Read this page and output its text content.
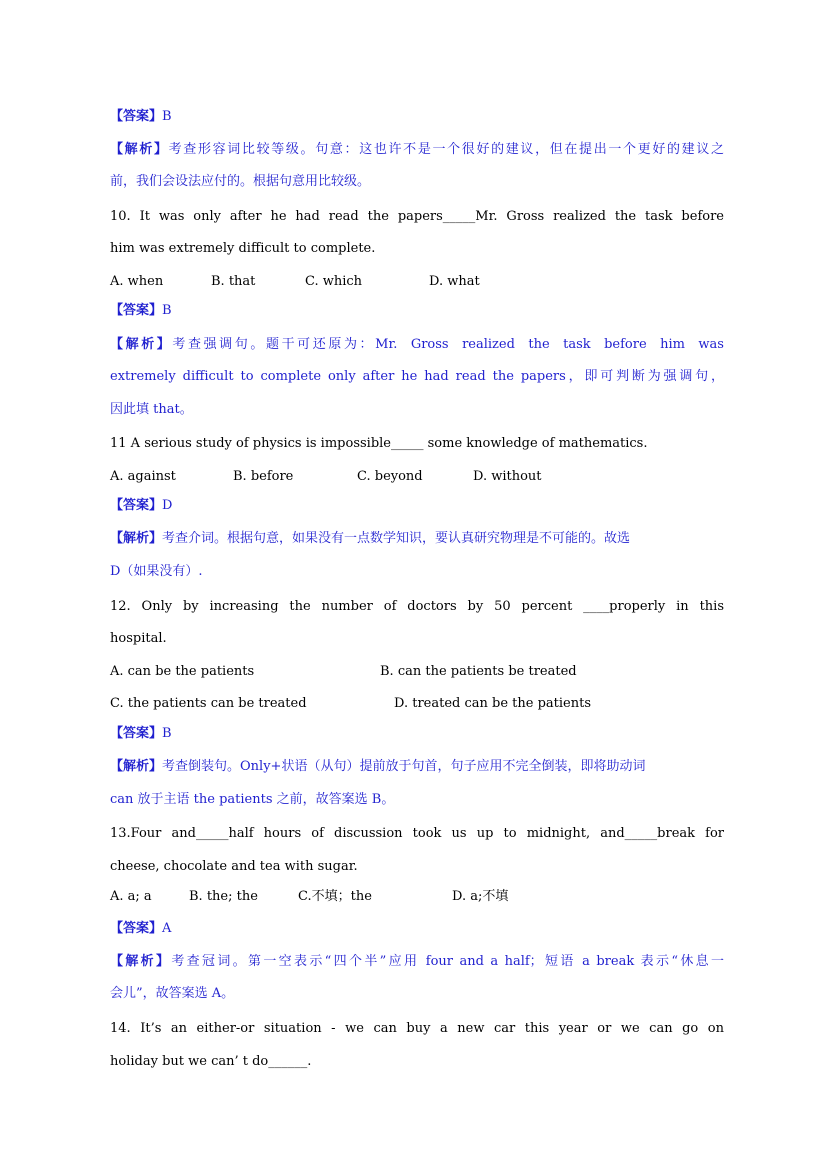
【答案】B
【解析】考查形容词比较等级。句意：这也许不是一个很好的建议，但在提出一个更好的建议之
前，我们会设法应付的。根据句意用比较级。
10. It was only after he had read the papers_____Mr. Gross realized the task before
him was extremely difficult to complete.
A. when	B. that	C. which	D. what
【答案】B
【解析】考查强调句。题干可还原为：Mr.  Gross  realized  the  task  before  him  was
extremely difficult to complete only after he had read the papers，即可判断为强调句，
因此填 that。
11 A serious study of physics is impossible_____ some knowledge of mathematics.
A. against	B. before	C. beyond	D. without
【答案】D
【解析】考查介词。根据句意，如果没有一点数学知识，要认真研究物理是不可能的。故选
D（如果没有）.
12. Only by increasing the number of doctors by 50 percent ____properly in this
hospital.
A. can be the patients	B. can the patients be treated
C. the patients can be treated	D. treated can be the patients
【答案】B
【解析】考查倒装句。Only+状语（从句）提前放于句首，句子应用不完全倒装，即将助动词
can 放于主语 the patients 之前，故答案选 B。
13.Four and_____half hours of discussion took us up to midnight, and_____break for
cheese, chocolate and tea with sugar.
A. a; a	B. the; the	C.不填；the	D. a;不填
【答案】A
【解析】考查冠词。第一空表示“四个半”应用 four and a half；短语 a break 表示“休息一
会儿”，故答案选 A。
14. It’s an either-or situation - we can buy a new car this year or we can go on
holiday but we can’ t do______.
